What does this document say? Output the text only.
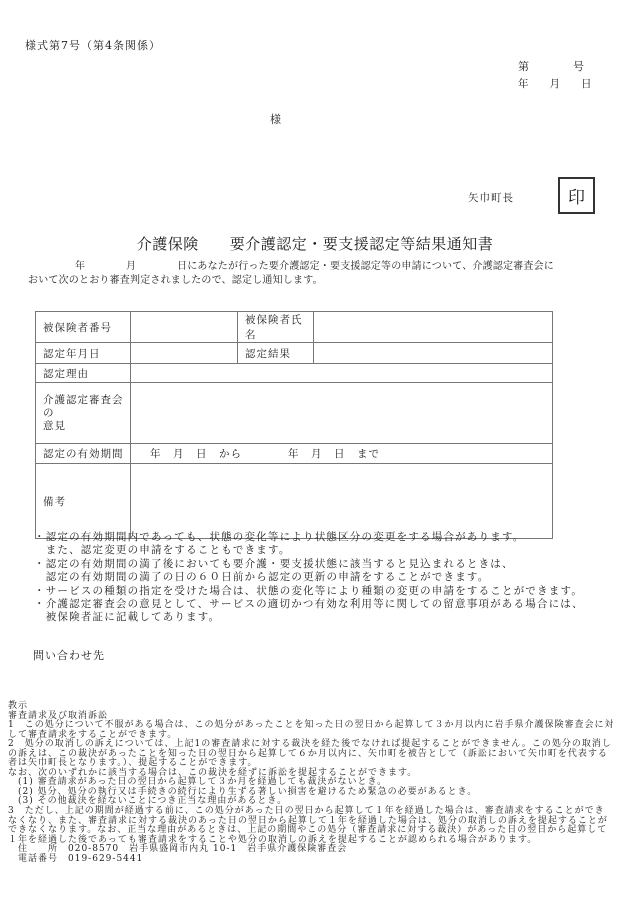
様式第7号（第4条関係）
第　　　　号
年　　月　　日
様
矢巾町長	印
介護保険　　要介護認定・要支援認定等結果通知書
年　　　　月　　　　日にあなたが行った要介護認定・要支援認定等の申請について、介護認定審査会に
おいて次のとおり審査判定されましたので、認定し通知します。
被保険者番号		被保険者氏名	
認定年月日		認定結果	
認定理由			

介護認定審査会の
意見			

認定の有効期間	年　月　日　から　　　　年　月　日　まで		
備考			
・認定の有効期間内であっても、状態の変化等により状態区分の変更をする場合があります。
　また、認定変更の申請をすることもできます。
・認定の有効期間の満了後においても要介護・要支援状態に該当すると見込まれるときは、
　認定の有効期間の満了の日の６０日前から認定の更新の申請をすることができます。
・サービスの種類の指定を受けた場合は、状態の変化等により種類の変更の申請をすることができます。
・介護認定審査会の意見として、サービスの適切かつ有効な利用等に関しての留意事項がある場合には、
　被保険者証に記載してあります。
問い合わせ先
教示
審査請求及び取消訴訟
1　この処分について不服がある場合は、この処分があったことを知った日の翌日から起算して３か月以内に岩手県介護保険審査会に対
して審査請求をすることができます。
2　処分の取消しの訴えについては、上記1の審査請求に対する裁決を経た後でなければ提起することができません。この処分の取消し
の訴えは、この裁決があったことを知った日の翌日から起算して６か月以内に、矢巾町を被告として（訴訟において矢巾町を代表する
者は矢巾町長となります。）、提起することができます。
なお、次のいずれかに該当する場合は、この裁決を経ずに訴訟を提起することができます。
　(1) 審査請求があった日の翌日から起算して３か月を経過しても裁決がないとき。
　(2) 処分、処分の執行又は手続きの続行により生ずる著しい損害を避けるため緊急の必要があるとき。
　(3) その他裁決を経ないことにつき正当な理由があるとき。
3　ただし、上記の期間が経過する前に、この処分があった日の翌日から起算して１年を経過した場合は、審査請求をすることができ
なくなり、また、審査請求に対する裁決のあった日の翌日から起算して１年を経過した場合は、処分の取消しの訴えを提起することが
できなくなります。なお、正当な理由があるときは、上記の期間やこの処分（審査請求に対する裁決）があった日の翌日から起算して
１年を経過した後であっても審査請求をすることや処分の取消しの訴えを提起することが認められる場合があります。
　住　　所　020-8570　岩手県盛岡市内丸 10-1　岩手県介護保険審査会
　電話番号　019-629-5441
